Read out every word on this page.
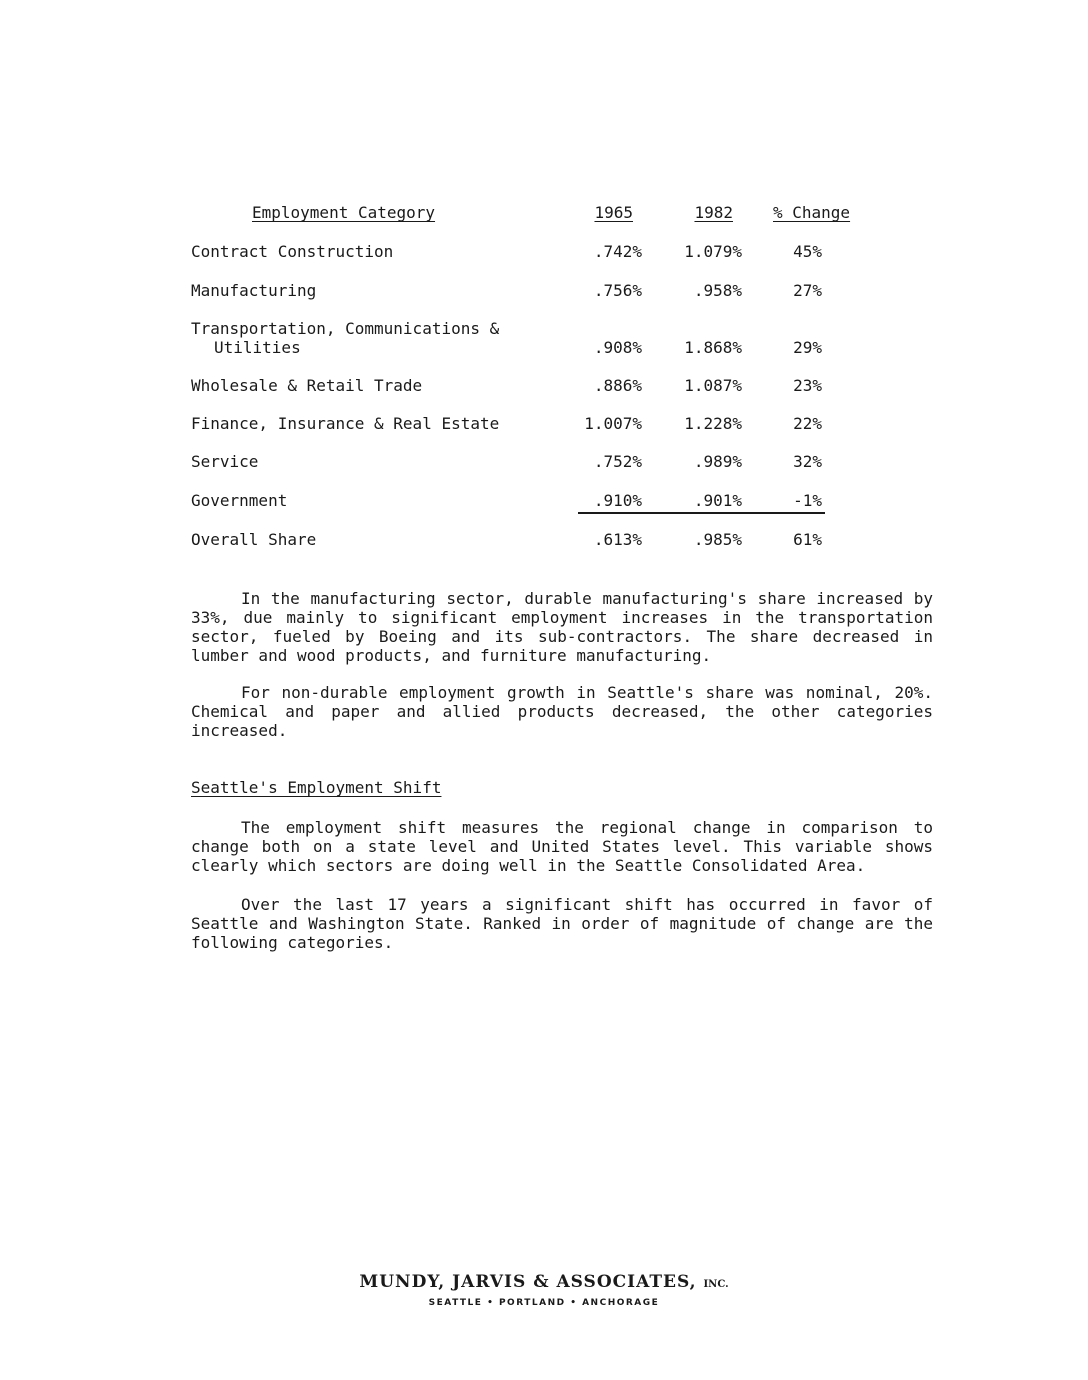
Employment Category	1965	1982	% Change
Contract Construction	.742%	1.079%	45%
Manufacturing	.756%	.958%	27%
Transportation, Communications &
Utilities	.908%	1.868%	29%
Wholesale & Retail Trade	.886%	1.087%	23%
Finance, Insurance & Real Estate	1.007%	1.228%	22%
Service	.752%	.989%	32%
Government	.910%	.901%	-1%
Overall Share	.613%	.985%	61%

In the manufacturing sector, durable manufacturing's share increased by 33%, due mainly to significant employment increases in the transportation sector, fueled by Boeing and its sub-contractors. The share decreased in lumber and wood products, and furniture manufacturing.

For non-durable employment growth in Seattle's share was nominal, 20%. Chemical and paper and allied products decreased, the other categories increased.

Seattle's Employment Shift

The employment shift measures the regional change in comparison to change both on a state level and United States level. This variable shows clearly which sectors are doing well in the Seattle Consolidated Area.

Over the last 17 years a significant shift has occurred in favor of Seattle and Washington State. Ranked in order of magnitude of change are the following categories.

MUNDY, JARVIS & ASSOCIATES, INC.
SEATTLE • PORTLAND • ANCHORAGE
